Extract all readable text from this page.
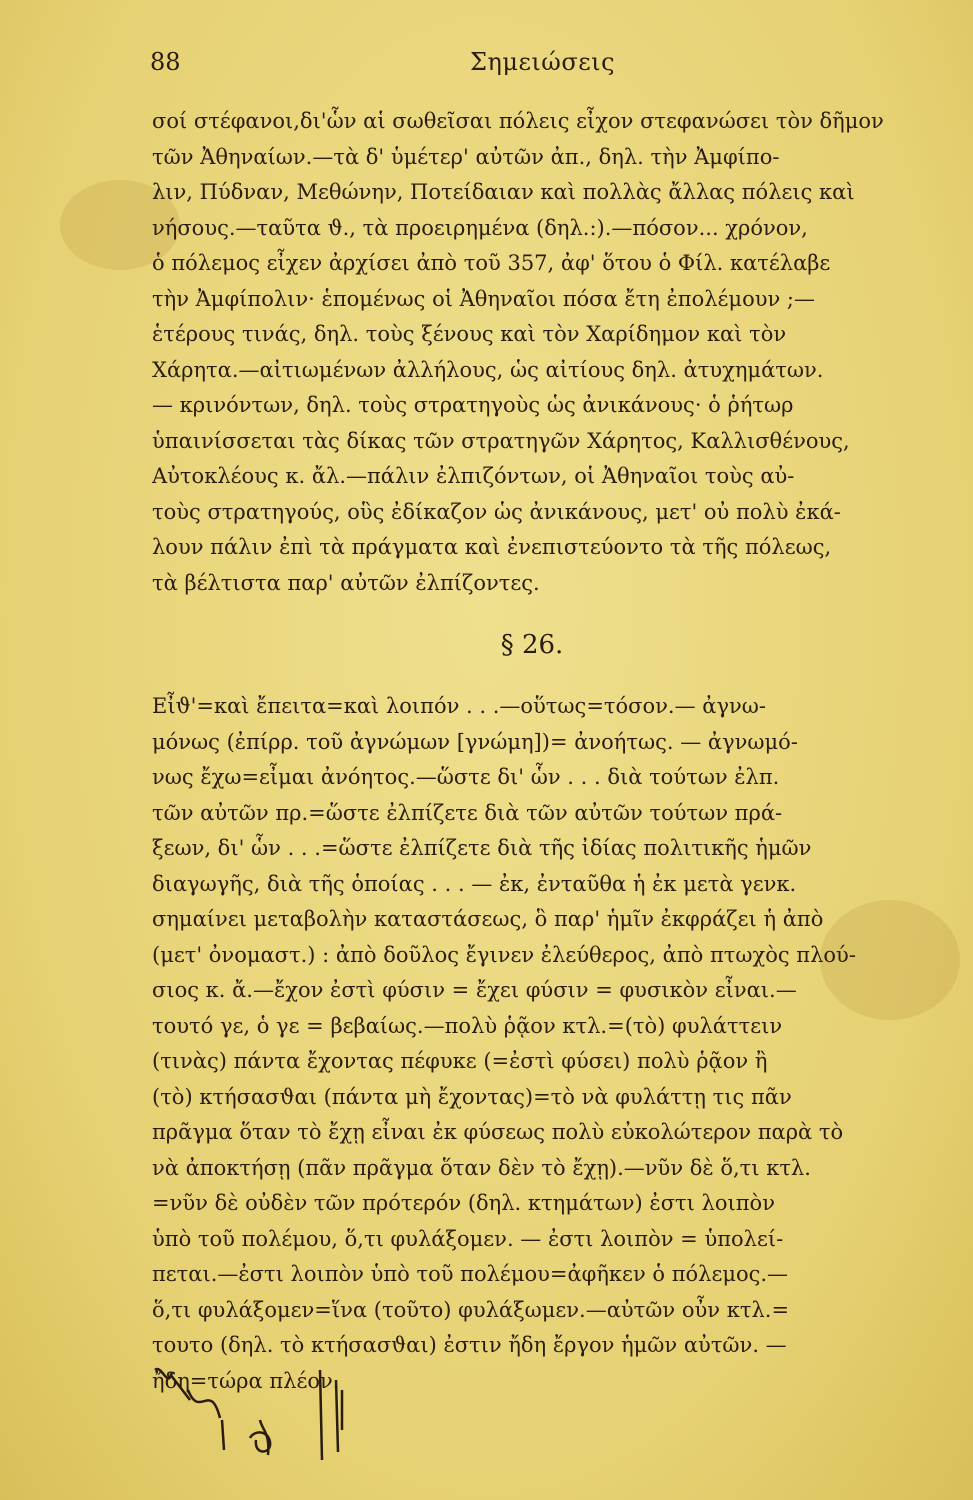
88	Σημειώσεις
σοί στέφανοι,δι'ὧν αἱ σωθεῖσαι πόλεις εἶχον στεφανώσει τὸν δῆμον
τῶν Ἀθηναίων.—τὰ δ' ὑμέτερ' αὐτῶν ἀπ., δηλ. τὴν Ἀμφίπο-
λιν, Πύδναν, Μεθώνην, Ποτείδαιαν καὶ πολλὰς ἄλλας πόλεις καὶ
νήσους.—ταῦτα ϑ., τὰ προειρημένα (δηλ.:).—πόσον... χρόνον,
ὁ πόλεμος εἶχεν ἀρχίσει ἀπὸ τοῦ 357, ἀφ' ὅτου ὁ Φίλ. κατέλαβε
τὴν Ἀμφίπολιν· ἑπομένως οἱ Ἀθηναῖοι πόσα ἔτη ἐπολέμουν ;—
ἑτέρους τινάς, δηλ. τοὺς ξένους καὶ τὸν Χαρίδημον καὶ τὸν
Χάρητα.—αἰτιωμένων ἀλλήλους, ὡς αἰτίους δηλ. ἀτυχημάτων.
— κρινόντων, δηλ. τοὺς στρατηγοὺς ὡς ἀνικάνους· ὁ ῥήτωρ
ὑπαινίσσεται τὰς δίκας τῶν στρατηγῶν Χάρητος, Καλλισθένους,
Αὐτοκλέους κ. ἄλ.—πάλιν ἐλπιζόντων, οἱ Ἀθηναῖοι τοὺς αὐ-
τοὺς στρατηγούς, οὓς ἐδίκαζον ὡς ἀνικάνους, μετ' οὐ πολὺ ἐκά-
λουν πάλιν ἐπὶ τὰ πράγματα καὶ ἐνεπιστεύοντο τὰ τῆς πόλεως,
τὰ βέλτιστα παρ' αὐτῶν ἐλπίζοντες.
§ 26.
Εἶϑ'=καὶ ἔπειτα=καὶ λοιπόν . . .—οὕτως=τόσον.— ἀγνω-
μόνως (ἐπίρρ. τοῦ ἀγνώμων [γνώμη])= ἀνοήτως. — ἀγνωμό-
νως ἔχω=εἶμαι ἀνόητος.—ὥστε δι' ὧν . . . διὰ τούτων ἐλπ.
τῶν αὐτῶν πρ.=ὥστε ἐλπίζετε διὰ τῶν αὐτῶν τούτων πρά-
ξεων, δι' ὧν . . .=ὥστε ἐλπίζετε διὰ τῆς ἰδίας πολιτικῆς ἡμῶν
διαγωγῆς, διὰ τῆς ὁποίας . . . — ἐκ, ἐνταῦθα ἡ ἐκ μετὰ γενκ.
σημαίνει μεταβολὴν καταστάσεως, ὃ παρ' ἡμῖν ἐκφράζει ἡ ἀπὸ
(μετ' ὀνομαστ.) : ἀπὸ δοῦλος ἔγινεν ἐλεύθερος, ἀπὸ πτωχὸς πλού-
σιος κ. ἄ.—ἔχον ἐστὶ φύσιν = ἔχει φύσιν = φυσικὸν εἶναι.—
τουτό γε, ὁ γε = βεβαίως.—πολὺ ῥᾷον κτλ.=(τὸ) φυλάττειν
(τινὰς) πάντα ἔχοντας πέφυκε (=ἐστὶ φύσει) πολὺ ῥᾷον ἢ
(τὸ) κτήσασϑαι (πάντα μὴ ἔχοντας)=τὸ νὰ φυλάττῃ τις πᾶν
πρᾶγμα ὅταν τὸ ἔχῃ εἶναι ἐκ φύσεως πολὺ εὐκολώτερον παρὰ τὸ
νὰ ἀποκτήσῃ (πᾶν πρᾶγμα ὅταν δὲν τὸ ἔχῃ).—νῦν δὲ ὅ,τι κτλ.
=νῦν δὲ οὐδὲν τῶν πρότερόν (δηλ. κτημάτων) ἐστι λοιπὸν
ὑπὸ τοῦ πολέμου, ὅ,τι φυλάξομεν. — ἐστι λοιπὸν = ὑπολεί-
πεται.—ἐστι λοιπὸν ὑπὸ τοῦ πολέμου=ἀφῆκεν ὁ πόλεμος.—
ὅ,τι φυλάξομεν=ἵνα (τοῦτο) φυλάξωμεν.—αὐτῶν οὖν κτλ.=
τουτο (δηλ. τὸ κτήσασϑαι) ἐστιν ἤδη ἔργον ἡμῶν αὐτῶν. —
ἤδη=τώρα πλέον.
